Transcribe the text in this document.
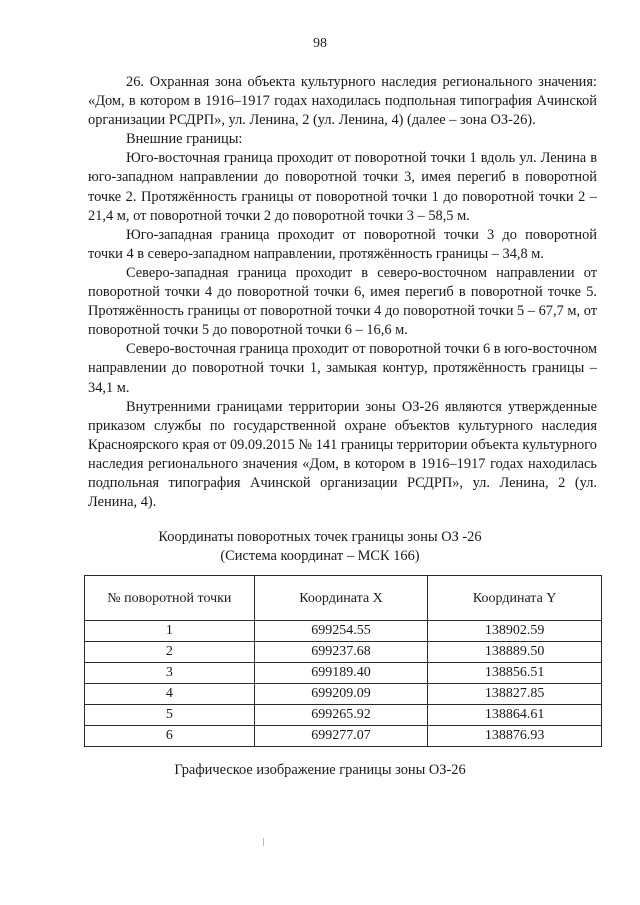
98

26. Охранная зона объекта культурного наследия регионального значения: «Дом, в котором в 1916–1917 годах находилась подпольная типография Ачинской организации РСДРП», ул. Ленина, 2 (ул. Ленина, 4) (далее – зона ОЗ-26).

Внешние границы:

Юго-восточная граница проходит от поворотной точки 1 вдоль ул. Ленина в юго-западном направлении до поворотной точки 3, имея перегиб в поворотной точке 2. Протяжённость границы от поворотной точки 1 до поворотной точки 2 – 21,4 м, от поворотной точки 2 до поворотной точки 3 – 58,5 м.

Юго-западная граница проходит от поворотной точки 3 до поворотной точки 4 в северо-западном направлении, протяжённость границы – 34,8 м.

Северо-западная граница проходит в северо-восточном направлении от поворотной точки 4 до поворотной точки 6, имея перегиб в поворотной точке 5. Протяжённость границы от поворотной точки 4 до поворотной точки 5 – 67,7 м, от поворотной точки 5 до поворотной точки 6 – 16,6 м.

Северо-восточная граница проходит от поворотной точки 6 в юго-восточном направлении до поворотной точки 1, замыкая контур, протяжённость границы – 34,1 м.

Внутренними границами территории зоны ОЗ-26 являются утвержденные приказом службы по государственной охране объектов культурного наследия Красноярского края от 09.09.2015 № 141 границы территории объекта культурного наследия регионального значения «Дом, в котором в 1916–1917 годах находилась подпольная типография Ачинской организации РСДРП», ул. Ленина, 2 (ул. Ленина, 4).

Координаты поворотных точек границы зоны ОЗ -26
(Система координат – МСК 166)
№ поворотной точки	Координата X	Координата Y
1	699254.55	138902.59
2	699237.68	138889.50
3	699189.40	138856.51
4	699209.09	138827.85
5	699265.92	138864.61
6	699277.07	138876.93
Графическое изображение границы зоны ОЗ-26
